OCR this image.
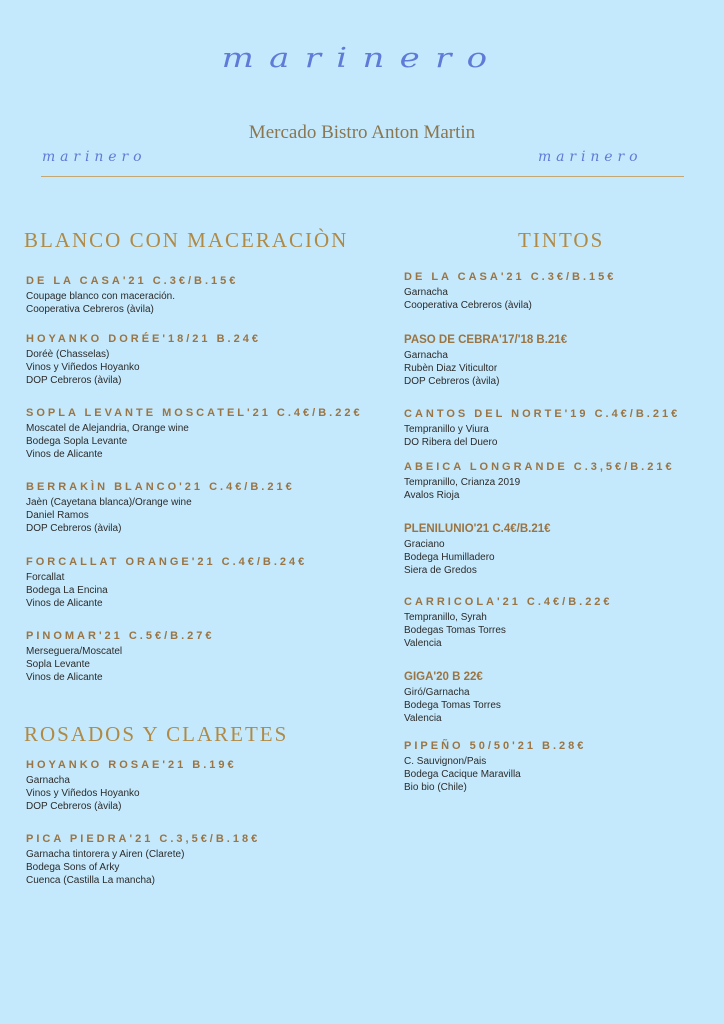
marinero
Mercado Bistro Anton Martin
marinero	marinero
BLANCO CON MACERACIÒN	TINTOS
ROSADOS Y CLARETES
DE LA CASA'21 C.3€/B.15€
Coupage blanco con maceración.
Cooperativa Cebreros (àvila)
HOYANKO DORÉE'18/21 B.24€
Doréè (Chasselas)
Vinos y Viñedos Hoyanko
DOP Cebreros (àvila)
SOPLA LEVANTE MOSCATEL'21 C.4€/B.22€
Moscatel de Alejandria, Orange wine
Bodega Sopla Levante
Vinos de Alicante
BERRAKÌN BLANCO'21 C.4€/B.21€
Jaèn (Cayetana blanca)/Orange wine
Daniel Ramos
DOP Cebreros (àvila)
FORCALLAT ORANGE'21 C.4€/B.24€
Forcallat
Bodega La Encina
Vinos de Alicante
PINOMAR'21 C.5€/B.27€
Merseguera/Moscatel
Sopla Levante
Vinos de Alicante
HOYANKO ROSAE'21 B.19€
Garnacha
Vinos y Viñedos Hoyanko
DOP Cebreros (àvila)
PICA PIEDRA'21 C.3,5€/B.18€
Garnacha tintorera y Airen (Clarete)
Bodega Sons of Arky
Cuenca (Castilla La mancha)
DE LA CASA'21 C.3€/B.15€
Garnacha
Cooperativa Cebreros (àvila)
PASO DE CEBRA'17/'18 B.21€
Garnacha
Rubèn Diaz Viticultor
DOP Cebreros (àvila)
CANTOS DEL NORTE'19 C.4€/B.21€
Tempranillo y Viura
DO Ribera del Duero
ABEICA LONGRANDE C.3,5€/B.21€
Tempranillo, Crianza 2019
Avalos Rioja
PLENILUNIO'21 C.4€/B.21€
Graciano
Bodega Humilladero
Siera de Gredos
CARRICOLA'21 C.4€/B.22€
Tempranillo, Syrah
Bodegas Tomas Torres
Valencia
GIGA'20 B 22€
Giró/Garnacha
Bodega Tomas Torres
Valencia
PIPEÑO 50/50'21 B.28€
C. Sauvignon/Pais
Bodega Cacique Maravilla
Bio bio (Chile)
